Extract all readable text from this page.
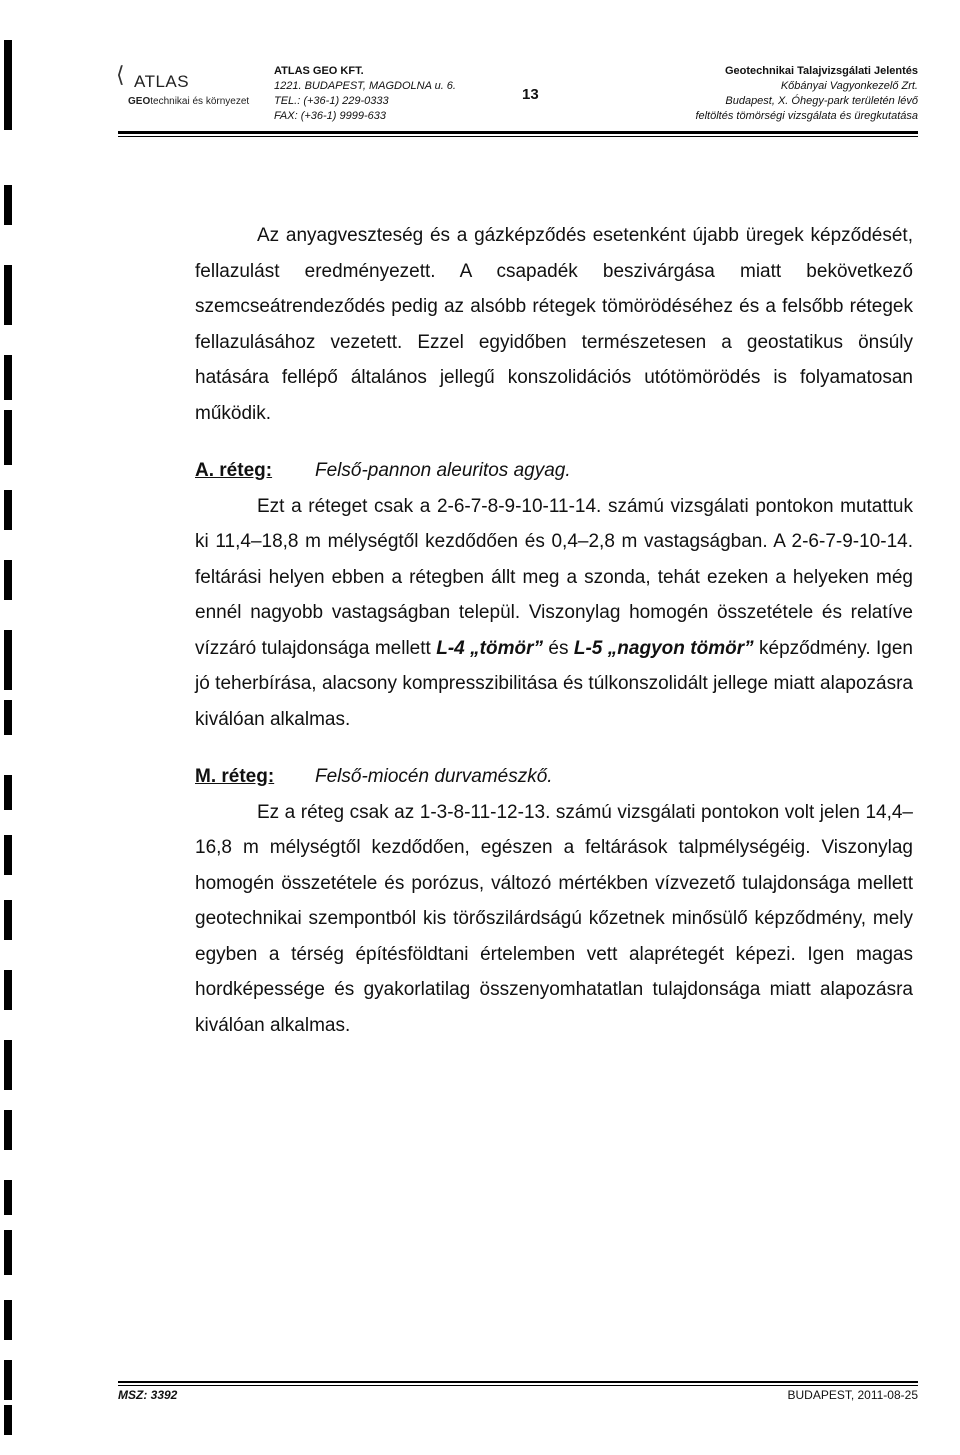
⟨ ATLAS
GEOtechnikai és környezet
ATLAS GEO KFT.
1221. BUDAPEST, MAGDOLNA u. 6.
TEL.: (+36-1) 229-0333
FAX: (+36-1) 9999-633
13
Geotechnikai Talajvizsgálati Jelentés
Kőbányai Vagyonkezelő Zrt.
Budapest, X. Óhegy-park területén lévő
feltöltés tömörségi vizsgálata és üregkutatása

Az anyagveszteség és a gázképződés esetenként újabb üregek képződését, fellazulást eredményezett. A csapadék beszivárgása miatt bekövetkező szemcseátrendeződés pedig az alsóbb rétegek tömörödéséhez és a felsőbb rétegek fellazulásához vezetett. Ezzel egyidőben természetesen a geostatikus önsúly hatására fellépő általános jellegű konszolidációs utótömörödés is folyamatosan működik.

A. réteg: Felső-pannon aleuritos agyag.

Ezt a réteget csak a 2-6-7-8-9-10-11-14. számú vizsgálati pontokon mutattuk ki 11,4–18,8 m mélységtől kezdődően és 0,4–2,8 m vastagságban. A 2-6-7-9-10-14. feltárási helyen ebben a rétegben állt meg a szonda, tehát ezeken a helyeken még ennél nagyobb vastagságban települ. Viszonylag homogén összetétele és relatíve vízzáró tulajdonsága mellett L-4 „tömör” és L-5 „nagyon tömör” képződmény. Igen jó teherbírása, alacsony kompresszibilitása és túlkonszolidált jellege miatt alapozásra kiválóan alkalmas.

M. réteg: Felső-miocén durvamészkő.

Ez a réteg csak az 1-3-8-11-12-13. számú vizsgálati pontokon volt jelen 14,4–16,8 m mélységtől kezdődően, egészen a feltárások talpmélységéig. Viszonylag homogén összetétele és porózus, változó mértékben vízvezető tulajdonsága mellett geotechnikai szempontból kis törőszilárdságú kőzetnek minősülő képződmény, mely egyben a térség építésföldtani értelemben vett alaprétegét képezi. Igen magas hordképessége és gyakorlatilag összenyomhatatlan tulajdonsága miatt alapozásra kiválóan alkalmas.

MSZ: 3392	BUDAPEST, 2011-08-25
